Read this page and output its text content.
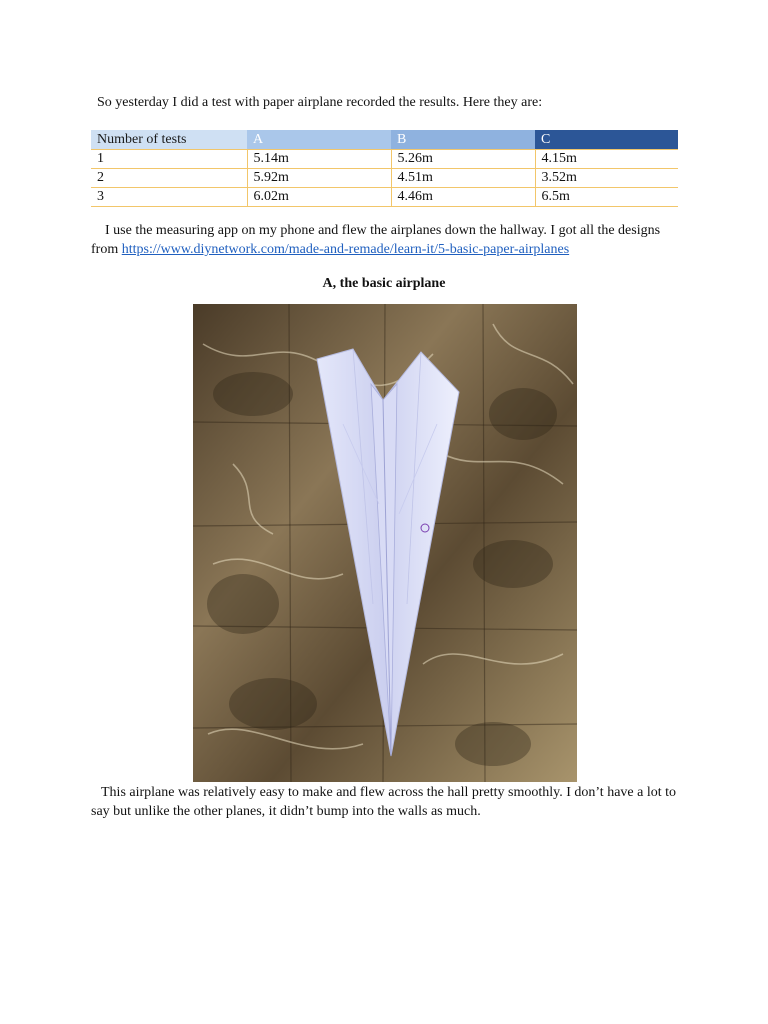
So yesterday I did a test with paper airplane recorded the results. Here they are:

Number of tests	A	B	C
1	5.14m	5.26m	4.15m
2	5.92m	4.51m	3.52m
3	6.02m	4.46m	6.5m

I use the measuring app on my phone and flew the airplanes down the hallway. I got all the designs from https://www.diynetwork.com/made-and-remade/learn-it/5-basic-paper-airplanes

A, the basic airplane

This airplane was relatively easy to make and flew across the hall pretty smoothly. I don’t have a lot to say but unlike the other planes, it didn’t bump into the walls as much.
